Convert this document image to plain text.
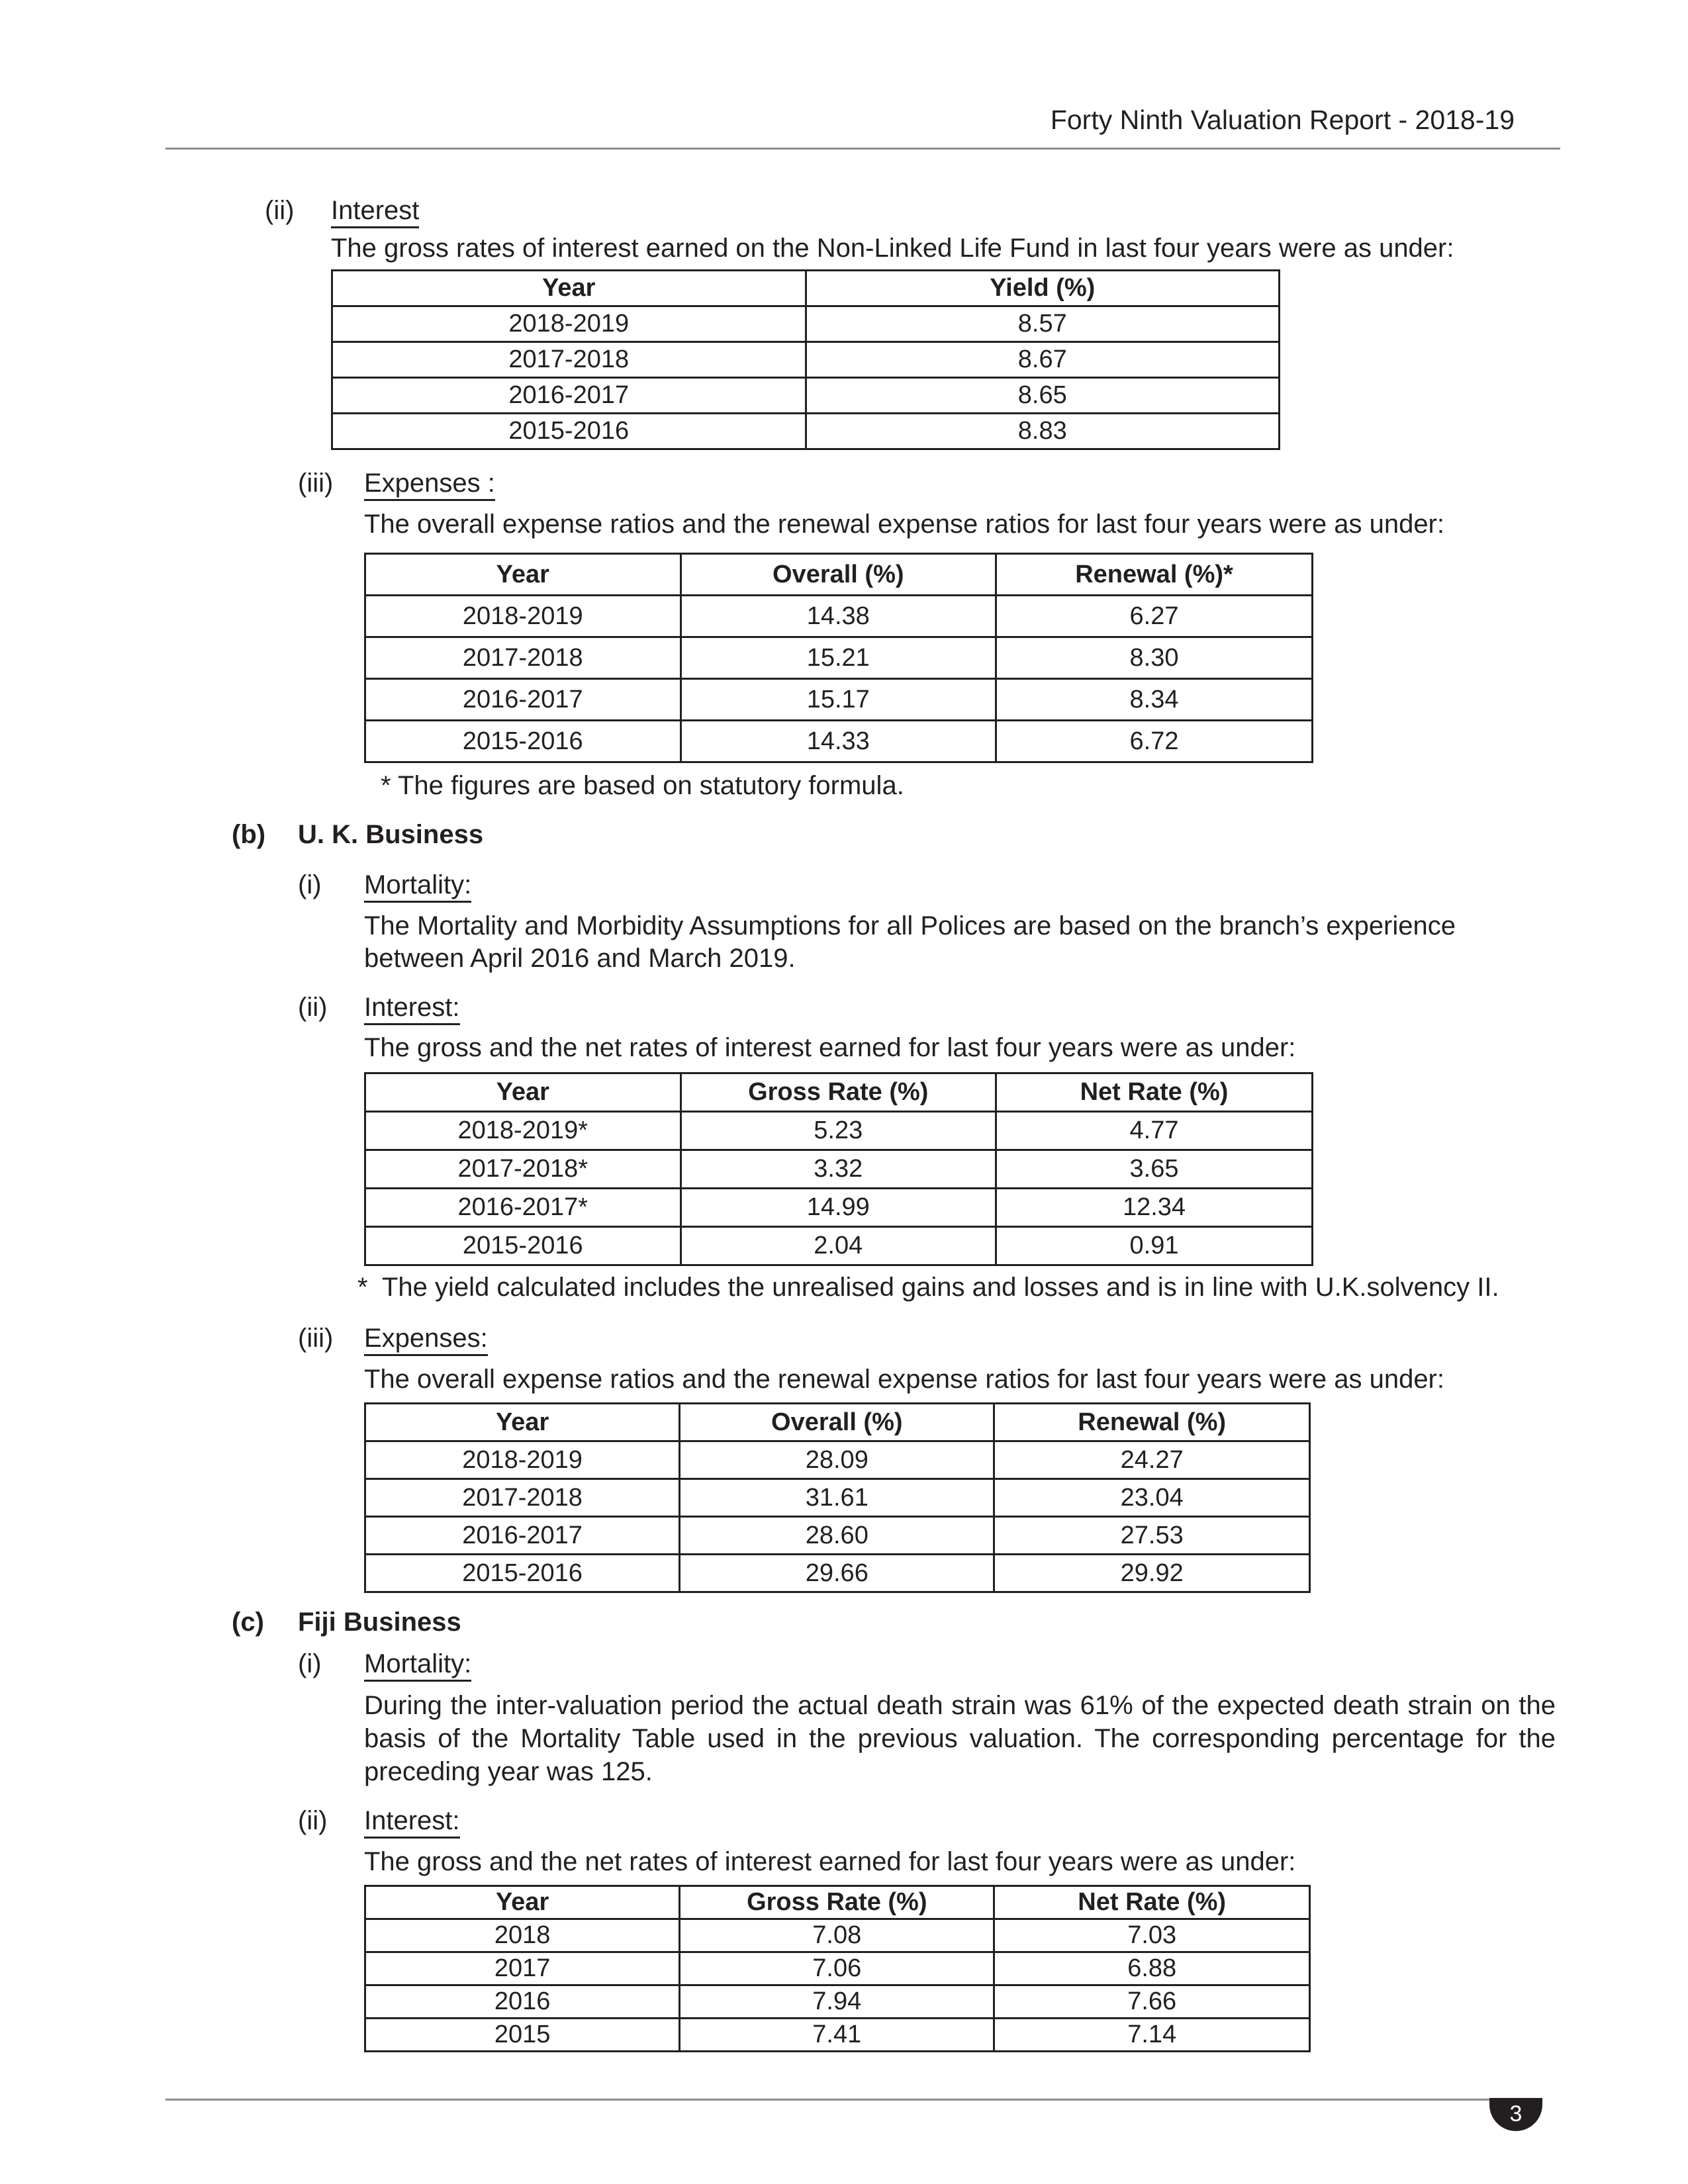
Forty Ninth Valuation Report - 2018-19
(ii) Interest
The gross rates of interest earned on the Non-Linked Life Fund in last four years were as under:
Year	Yield (%)
2018-2019	8.57
2017-2018	8.67
2016-2017	8.65
2015-2016	8.83
(iii) Expenses :
The overall expense ratios and the renewal expense ratios for last four years were as under:
Year	Overall (%)	Renewal (%)*
2018-2019	14.38	6.27
2017-2018	15.21	8.30
2016-2017	15.17	8.34
2015-2016	14.33	6.72
* The figures are based on statutory formula.
(b) U. K. Business
(i) Mortality:
The Mortality and Morbidity Assumptions for all Polices are based on the branch’s experience
between April 2016 and March 2019.
(ii) Interest:
The gross and the net rates of interest earned for last four years were as under:
Year	Gross Rate (%)	Net Rate (%)
2018-2019*	5.23	4.77
2017-2018*	3.32	3.65
2016-2017*	14.99	12.34
2015-2016	2.04	0.91
* The yield calculated includes the unrealised gains and losses and is in line with U.K.solvency II.
(iii) Expenses:
The overall expense ratios and the renewal expense ratios for last four years were as under:
Year	Overall (%)	Renewal (%)
2018-2019	28.09	24.27
2017-2018	31.61	23.04
2016-2017	28.60	27.53
2015-2016	29.66	29.92
(c) Fiji Business
(i) Mortality:
During the inter-valuation period the actual death strain was 61% of the expected death strain on the basis of the Mortality Table used in the previous valuation. The corresponding percentage for the preceding year was 125.
(ii) Interest:
The gross and the net rates of interest earned for last four years were as under:
Year	Gross Rate (%)	Net Rate (%)
2018	7.08	7.03
2017	7.06	6.88
2016	7.94	7.66
2015	7.41	7.14
3
